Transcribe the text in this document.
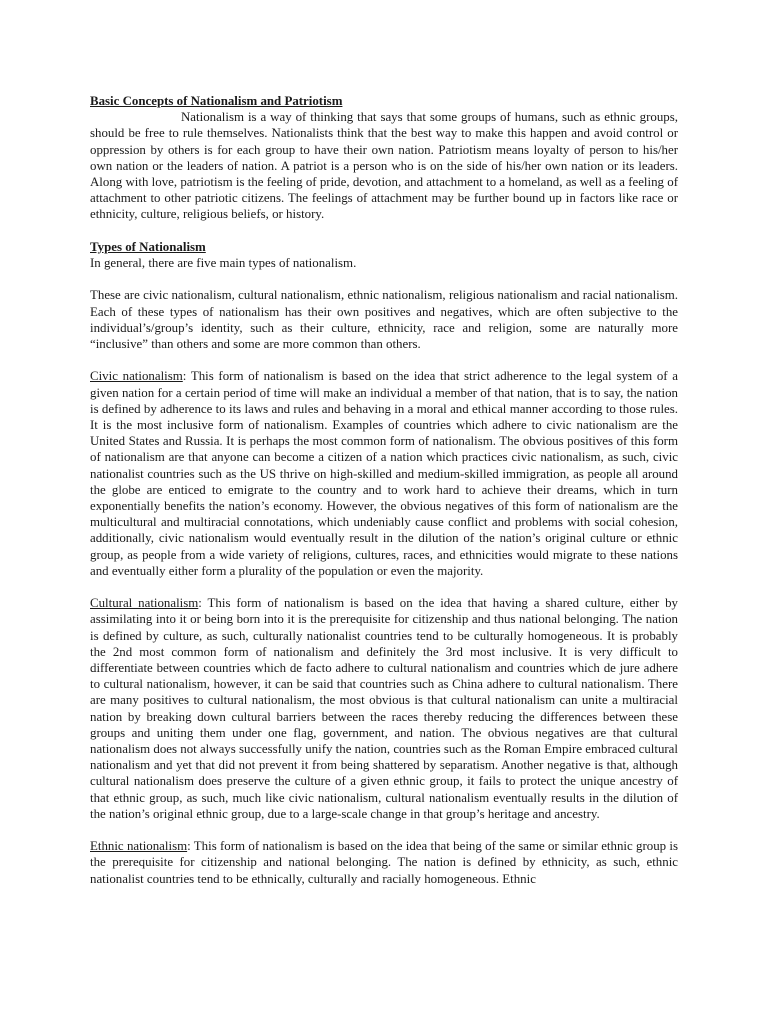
Basic Concepts of Nationalism and Patriotism
Nationalism is a way of thinking that says that some groups of humans, such as ethnic groups, should be free to rule themselves. Nationalists think that the best way to make this happen and avoid control or oppression by others is for each group to have their own nation. Patriotism means loyalty of person to his/her own nation or the leaders of nation. A patriot is a person who is on the side of his/her own nation or its leaders. Along with love, patriotism is the feeling of pride, devotion, and attachment to a homeland, as well as a feeling of attachment to other patriotic citizens. The feelings of attachment may be further bound up in factors like race or ethnicity, culture, religious beliefs, or history.

Types of Nationalism
In general, there are five main types of nationalism.

These are civic nationalism, cultural nationalism, ethnic nationalism, religious nationalism and racial nationalism. Each of these types of nationalism has their own positives and negatives, which are often subjective to the individual’s/group’s identity, such as their culture, ethnicity, race and religion, some are naturally more “inclusive” than others and some are more common than others.

Civic nationalism: This form of nationalism is based on the idea that strict adherence to the legal system of a given nation for a certain period of time will make an individual a member of that nation, that is to say, the nation is defined by adherence to its laws and rules and behaving in a moral and ethical manner according to those rules. It is the most inclusive form of nationalism. Examples of countries which adhere to civic nationalism are the United States and Russia. It is perhaps the most common form of nationalism. The obvious positives of this form of nationalism are that anyone can become a citizen of a nation which practices civic nationalism, as such, civic nationalist countries such as the US thrive on high-skilled and medium-skilled immigration, as people all around the globe are enticed to emigrate to the country and to work hard to achieve their dreams, which in turn exponentially benefits the nation’s economy. However, the obvious negatives of this form of nationalism are the multicultural and multiracial connotations, which undeniably cause conflict and problems with social cohesion, additionally, civic nationalism would eventually result in the dilution of the nation’s original culture or ethnic group, as people from a wide variety of religions, cultures, races, and ethnicities would migrate to these nations and eventually either form a plurality of the population or even the majority.

Cultural nationalism: This form of nationalism is based on the idea that having a shared culture, either by assimilating into it or being born into it is the prerequisite for citizenship and thus national belonging. The nation is defined by culture, as such, culturally nationalist countries tend to be culturally homogeneous. It is probably the 2nd most common form of nationalism and definitely the 3rd most inclusive. It is very difficult to differentiate between countries which de facto adhere to cultural nationalism and countries which de jure adhere to cultural nationalism, however, it can be said that countries such as China adhere to cultural nationalism. There are many positives to cultural nationalism, the most obvious is that cultural nationalism can unite a multiracial nation by breaking down cultural barriers between the races thereby reducing the differences between these groups and uniting them under one flag, government, and nation. The obvious negatives are that cultural nationalism does not always successfully unify the nation, countries such as the Roman Empire embraced cultural nationalism and yet that did not prevent it from being shattered by separatism. Another negative is that, although cultural nationalism does preserve the culture of a given ethnic group, it fails to protect the unique ancestry of that ethnic group, as such, much like civic nationalism, cultural nationalism eventually results in the dilution of the nation’s original ethnic group, due to a large-scale change in that group’s heritage and ancestry.

Ethnic nationalism: This form of nationalism is based on the idea that being of the same or similar ethnic group is the prerequisite for citizenship and national belonging. The nation is defined by ethnicity, as such, ethnic nationalist countries tend to be ethnically, culturally and racially homogeneous. Ethnic
